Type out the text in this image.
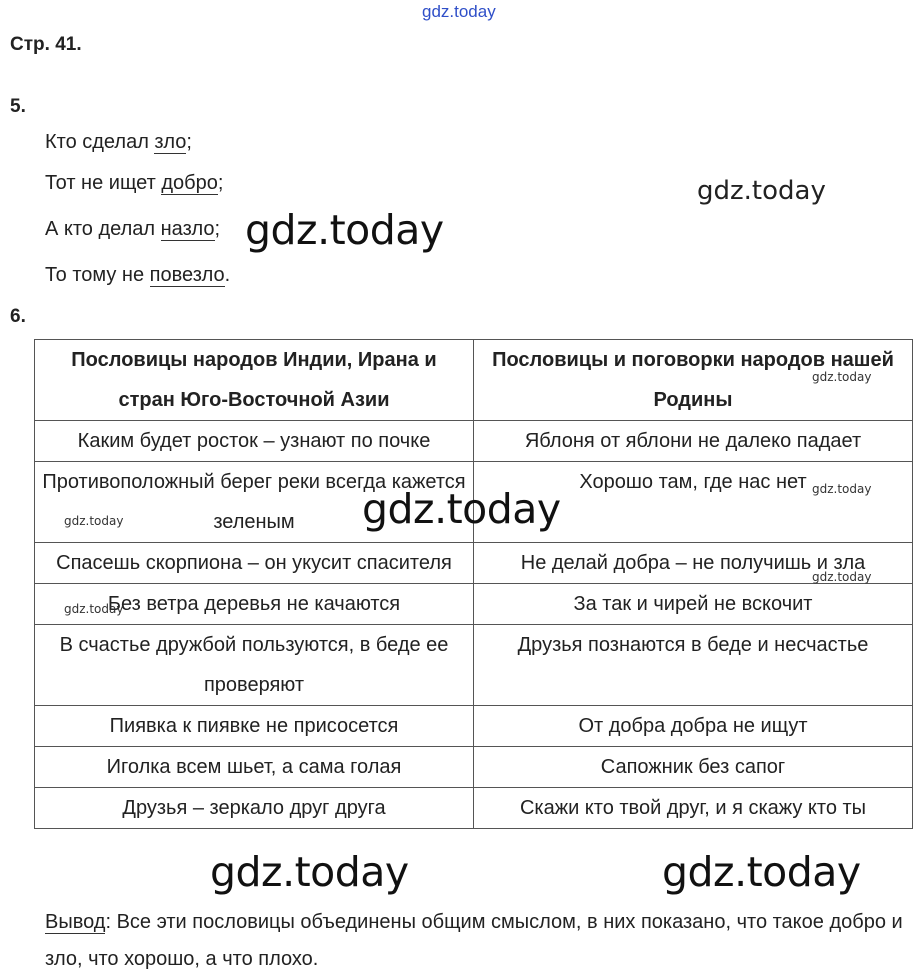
gdz.today
Стр. 41.
5.
Кто сделал зло;
Тот не ищет добро;
А кто делал назло;
То тому не повезло.
gdz.today
gdz.today
6.
Пословицы народов Индии, Ирана и стран Юго-Восточной Азии	Пословицы и поговорки народов нашей Родины
Каким будет росток – узнают по почке	Яблоня от яблони не далеко падает
Противоположный берег реки всегда кажется зеленым	Хорошо там, где нас нет
Спасешь скорпиона – он укусит спасителя	Не делай добра – не получишь и зла
Без ветра деревья не качаются	За так и чирей не вскочит
В счастье дружбой пользуются, в беде ее проверяют	Друзья познаются в беде и несчастье
Пиявка к пиявке не присосется	От добра добра не ищут
Иголка всем шьет, а сама голая	Сапожник без сапог
Друзья – зеркало друг друга	Скажи кто твой друг, и я скажу кто ты
gdz.today
gdz.today
gdz.today
gdz.today
gdz.today
gdz.today
gdz.today	gdz.today
Вывод: Все эти пословицы объединены общим смыслом, в них показано, что такое добро и зло, что хорошо, а что плохо.
